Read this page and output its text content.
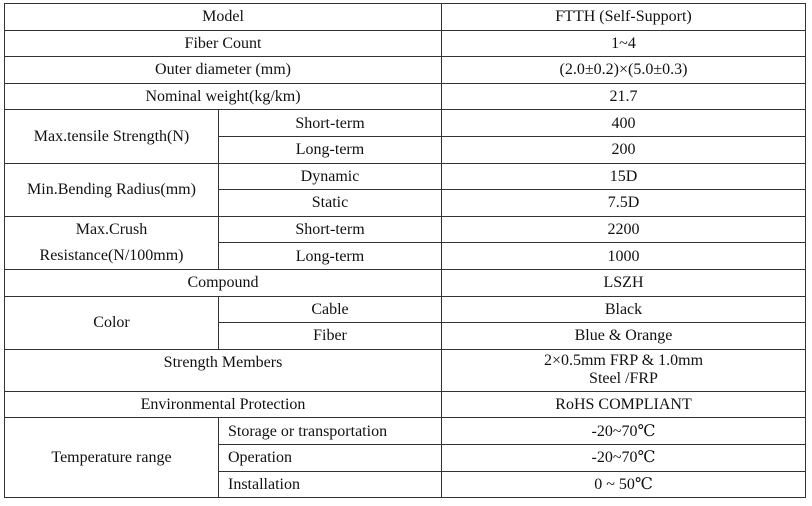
Model		FTTH (Self-Support)
Fiber Count		1~4
Outer diameter (mm)		(2.0±0.2)×(5.0±0.3)
Nominal weight(kg/km)		21.7
Max.tensile Strength(N)	Short-term	400
	Long-term	200
Min.Bending Radius(mm)	Dynamic	15D
	Static	7.5D

Max.Crush
Resistance(N/100mm)	Short-term	2200
	Long-term	1000
Compound		LSZH
Color	Cable	Black
	Fiber	Blue & Orange
Strength Members		2×0.5mm FRP & 1.0mm
Steel /FRP

Environmental Protection		RoHS COMPLIANT
Temperature range	Storage or transportation	-20~70℃
	Operation	-20~70℃
	Installation	0 ~ 50℃
